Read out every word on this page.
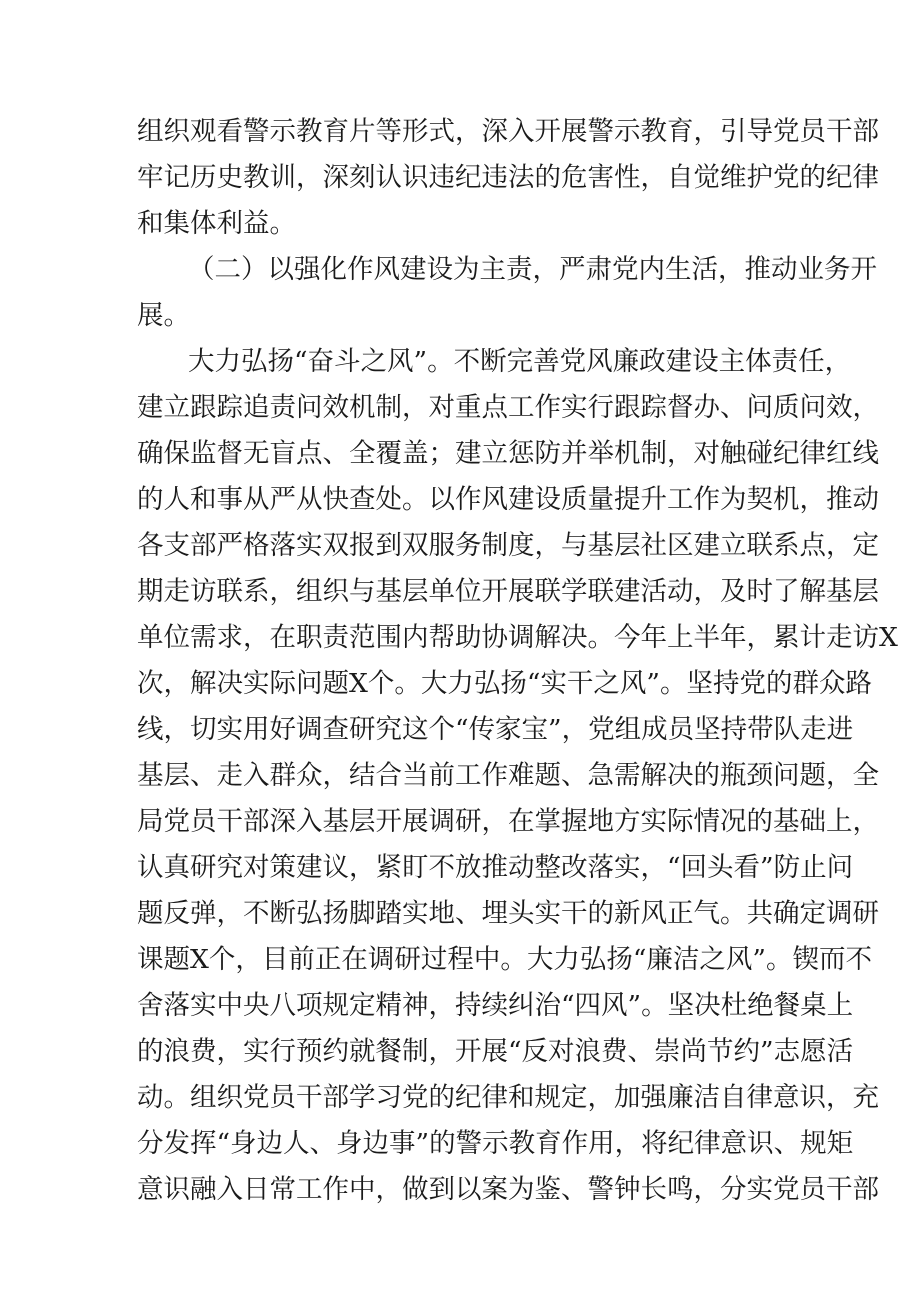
组织观看警示教育片等形式，深入开展警示教育，引导党员干部
牢记历史教训，深刻认识违纪违法的危害性，自觉维护党的纪律
和集体利益。
（二）以强化作风建设为主责，严肃党内生活，推动业务开
展。
大力弘扬“奋斗之风”。不断完善党风廉政建设主体责任，
建立跟踪追责问效机制，对重点工作实行跟踪督办、问质问效，
确保监督无盲点、全覆盖；建立惩防并举机制，对触碰纪律红线
的人和事从严从快查处。以作风建设质量提升工作为契机，推动
各支部严格落实双报到双服务制度，与基层社区建立联系点，定
期走访联系，组织与基层单位开展联学联建活动，及时了解基层
单位需求，在职责范围内帮助协调解决。今年上半年，累计走访X
次，解决实际问题X个。大力弘扬“实干之风”。坚持党的群众路
线，切实用好调查研究这个“传家宝”，党组成员坚持带队走进
基层、走入群众，结合当前工作难题、急需解决的瓶颈问题，全
局党员干部深入基层开展调研，在掌握地方实际情况的基础上，
认真研究对策建议，紧盯不放推动整改落实，“回头看”防止问
题反弹，不断弘扬脚踏实地、埋头实干的新风正气。共确定调研
课题X个，目前正在调研过程中。大力弘扬“廉洁之风”。锲而不
舍落实中央八项规定精神，持续纠治“四风”。坚决杜绝餐桌上
的浪费，实行预约就餐制，开展“反对浪费、崇尚节约”志愿活
动。组织党员干部学习党的纪律和规定，加强廉洁自律意识，充
分发挥“身边人、身边事”的警示教育作用，将纪律意识、规矩
意识融入日常工作中，做到以案为鉴、警钟长鸣，分实党员干部
